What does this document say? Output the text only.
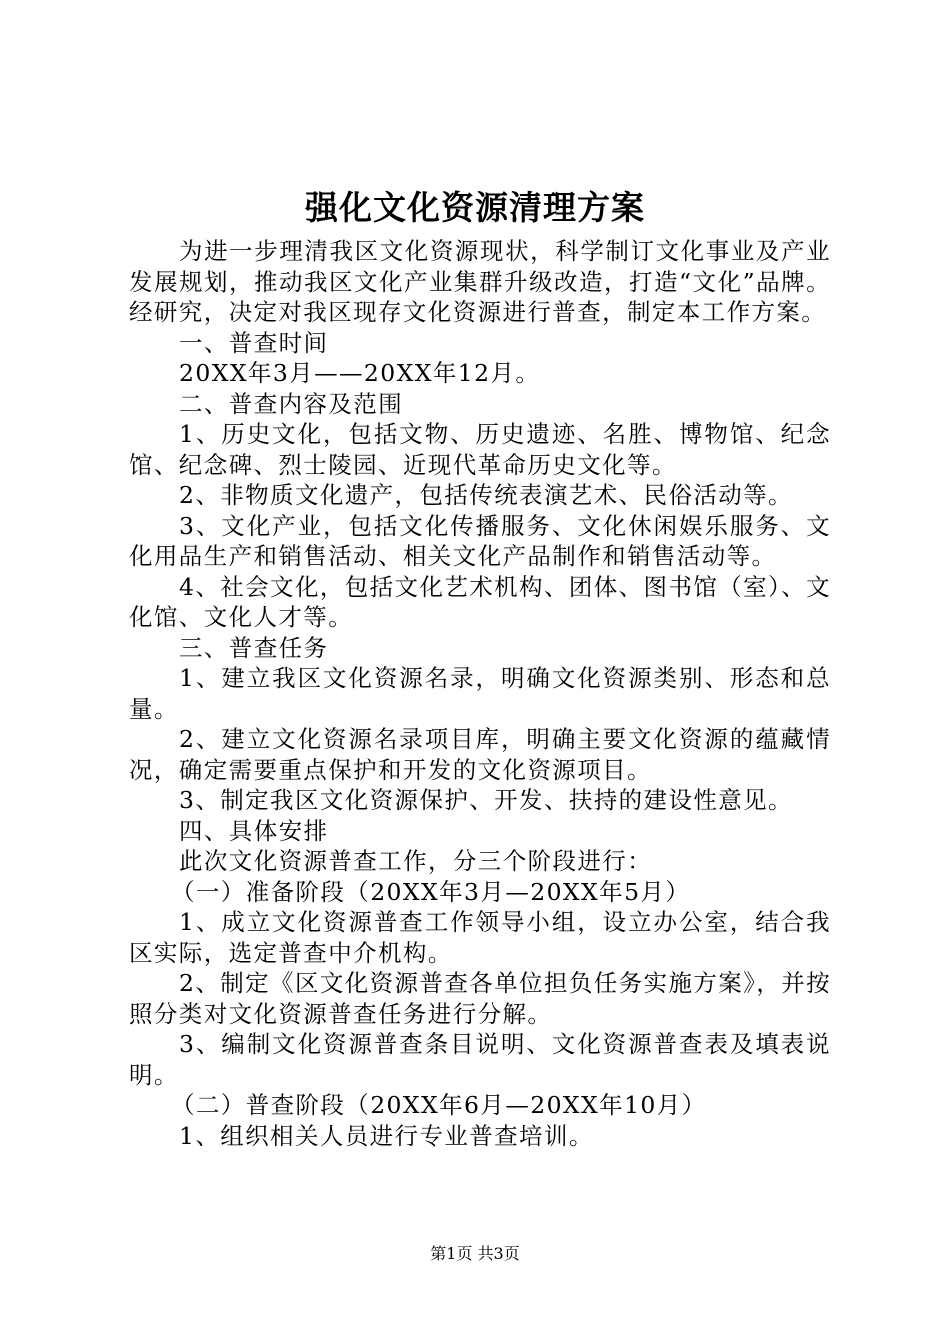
强化文化资源清理方案

为进一步理清我区文化资源现状，科学制订文化事业及产业发展规划，推动我区文化产业集群升级改造，打造“文化”品牌。经研究，决定对我区现存文化资源进行普查，制定本工作方案。

一、普查时间

20XX年3月——20XX年12月。

二、普查内容及范围

1、历史文化，包括文物、历史遗迹、名胜、博物馆、纪念馆、纪念碑、烈士陵园、近现代革命历史文化等。

2、非物质文化遗产，包括传统表演艺术、民俗活动等。

3、文化产业，包括文化传播服务、文化休闲娱乐服务、文化用品生产和销售活动、相关文化产品制作和销售活动等。

4、社会文化，包括文化艺术机构、团体、图书馆（室）、文化馆、文化人才等。

三、普查任务

1、建立我区文化资源名录，明确文化资源类别、形态和总量。

2、建立文化资源名录项目库，明确主要文化资源的蕴藏情况，确定需要重点保护和开发的文化资源项目。

3、制定我区文化资源保护、开发、扶持的建设性意见。

四、具体安排

此次文化资源普查工作，分三个阶段进行：

（一）准备阶段（20XX年3月—20XX年5月）

1、成立文化资源普查工作领导小组，设立办公室，结合我区实际，选定普查中介机构。

2、制定《区文化资源普查各单位担负任务实施方案》，并按照分类对文化资源普查任务进行分解。

3、编制文化资源普查条目说明、文化资源普查表及填表说明。

（二）普查阶段（20XX年6月—20XX年10月）

1、组织相关人员进行专业普查培训。

第1页 共3页
